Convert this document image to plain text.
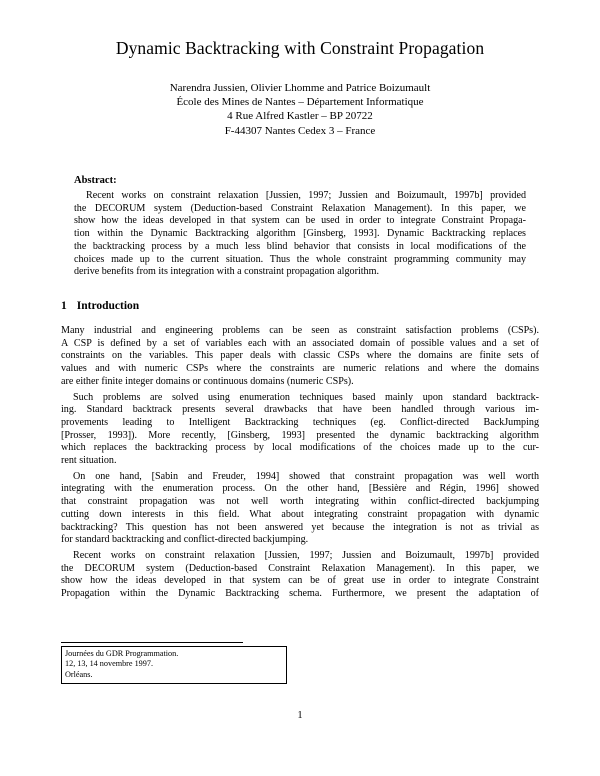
Dynamic Backtracking with Constraint Propagation
Narendra Jussien, Olivier Lhomme and Patrice Boizumault
École des Mines de Nantes – Département Informatique
4 Rue Alfred Kastler – BP 20722
F-44307 Nantes Cedex 3 – France
Abstract:
Recent works on constraint relaxation [Jussien, 1997; Jussien and Boizumault, 1997b] provided
the DECORUM system (Deduction-based Constraint Relaxation Management). In this paper, we
show how the ideas developed in that system can be used in order to integrate Constraint Propaga-
tion within the Dynamic Backtracking algorithm [Ginsberg, 1993]. Dynamic Backtracking replaces
the backtracking process by a much less blind behavior that consists in local modifications of the
choices made up to the current situation. Thus the whole constraint programming community may
derive benefits from its integration with a constraint propagation algorithm.
1 Introduction
Many industrial and engineering problems can be seen as constraint satisfaction problems (CSPs).
A CSP is defined by a set of variables each with an associated domain of possible values and a set of
constraints on the variables. This paper deals with classic CSPs where the domains are finite sets of
values and with numeric CSPs where the constraints are numeric relations and where the domains
are either finite integer domains or continuous domains (numeric CSPs).
Such problems are solved using enumeration techniques based mainly upon standard backtrack-
ing. Standard backtrack presents several drawbacks that have been handled through various im-
provements leading to Intelligent Backtracking techniques (eg. Conflict-directed BackJumping
[Prosser, 1993]). More recently, [Ginsberg, 1993] presented the dynamic backtracking algorithm
which replaces the backtracking process by local modifications of the choices made up to the cur-
rent situation.
On one hand, [Sabin and Freuder, 1994] showed that constraint propagation was well worth
integrating with the enumeration process. On the other hand, [Bessière and Régin, 1996] showed
that constraint propagation was not well worth integrating within conflict-directed backjumping
cutting down interests in this field. What about integrating constraint propagation with dynamic
backtracking? This question has not been answered yet because the integration is not as trivial as
for standard backtracking and conflict-directed backjumping.
Recent works on constraint relaxation [Jussien, 1997; Jussien and Boizumault, 1997b] provided
the DECORUM system (Deduction-based Constraint Relaxation Management). In this paper, we
show how the ideas developed in that system can be of great use in order to integrate Constraint
Propagation within the Dynamic Backtracking schema. Furthermore, we present the adaptation of
Journées du GDR Programmation.
12, 13, 14 novembre 1997.
Orléans.
1
